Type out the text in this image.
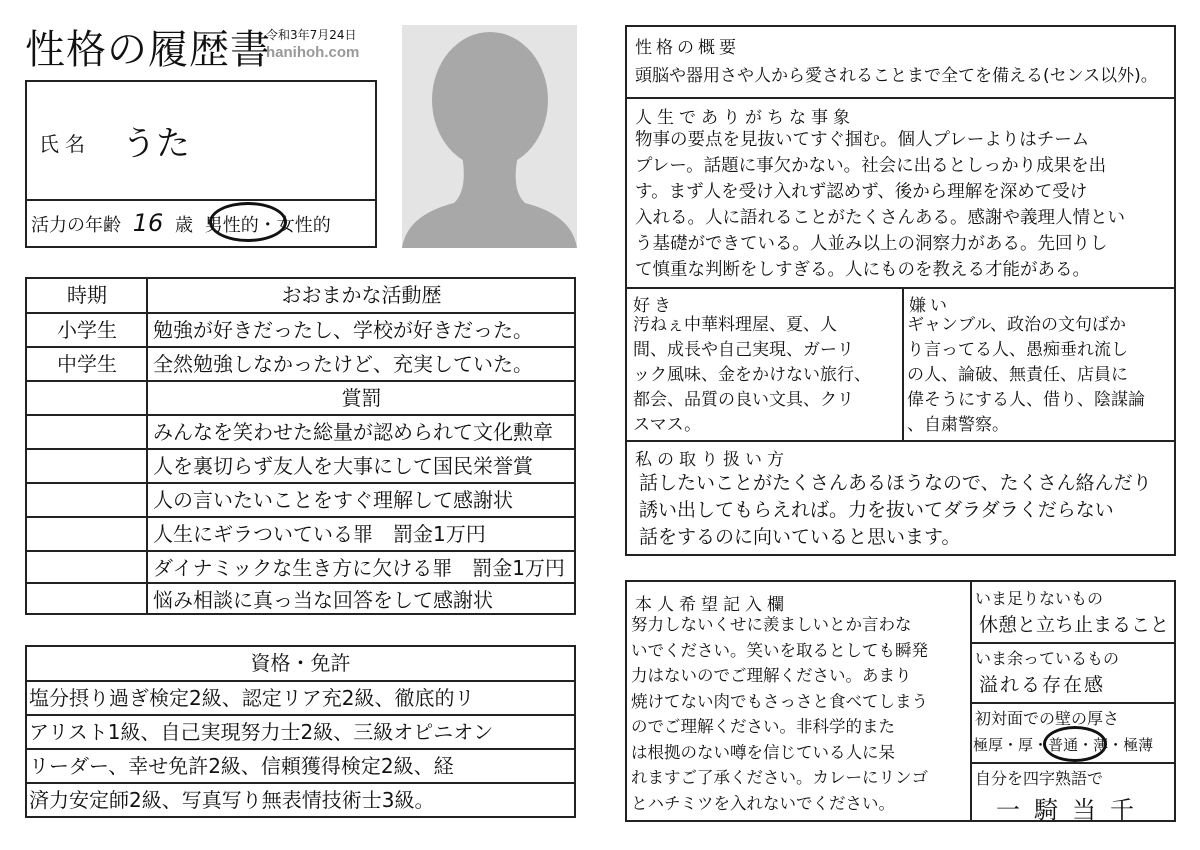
性格の履歴書
令和3年7月24日
hanihoh.com
氏名 うた
活力の年齢 16 歳 男性的・女性的
時期	おおまかな活動歴
小学生	勉強が好きだったし、学校が好きだった。
中学生	全然勉強しなかったけど、充実していた。
賞罰
みんなを笑わせた総量が認められて文化勲章
人を裏切らず友人を大事にして国民栄誉賞
人の言いたいことをすぐ理解して感謝状
人生にギラついている罪　罰金1万円
ダイナミックな生き方に欠ける罪　罰金1万円
悩み相談に真っ当な回答をして感謝状
資格・免許
塩分摂り過ぎ検定2級、認定リア充2級、徹底的リ
アリスト1級、自己実現努力士2級、三級オピニオン
リーダー、幸せ免許2級、信頼獲得検定2級、経
済力安定師2級、写真写り無表情技術士3級。
性格の概要
頭脳や器用さや人から愛されることまで全てを備える(センス以外)。
人生でありがちな事象
物事の要点を見抜いてすぐ掴む。個人プレーよりはチーム
プレー。話題に事欠かない。社会に出るとしっかり成果を出
す。まず人を受け入れず認めず、後から理解を深めて受け
入れる。人に語れることがたくさんある。感謝や義理人情とい
う基礎ができている。人並み以上の洞察力がある。先回りし
て慎重な判断をしすぎる。人にものを教える才能がある。
好き
汚ねぇ中華料理屋、夏、人
間、成長や自己実現、ガーリ
ック風味、金をかけない旅行、
都会、品質の良い文具、クリ
スマス。
嫌い
ギャンブル、政治の文句ばか
り言ってる人、愚痴垂れ流し
の人、論破、無責任、店員に
偉そうにする人、借り、陰謀論
、自粛警察。
私の取り扱い方
話したいことがたくさんあるほうなので、たくさん絡んだり
誘い出してもらえれば。力を抜いてダラダラくだらない
話をするのに向いていると思います。
本人希望記入欄
努力しないくせに羨ましいとか言わな
いでください。笑いを取るとしても瞬発
力はないのでご理解ください。あまり
焼けてない肉でもさっさと食べてしまう
のでご理解ください。非科学的また
は根拠のない噂を信じている人に呆
れますご了承ください。カレーにリンゴ
とハチミツを入れないでください。
いま足りないもの
休憩と立ち止まること
いま余っているもの
溢れる存在感
初対面での壁の厚さ
極厚・厚・普通・薄・極薄
自分を四字熟語で
一騎当千
